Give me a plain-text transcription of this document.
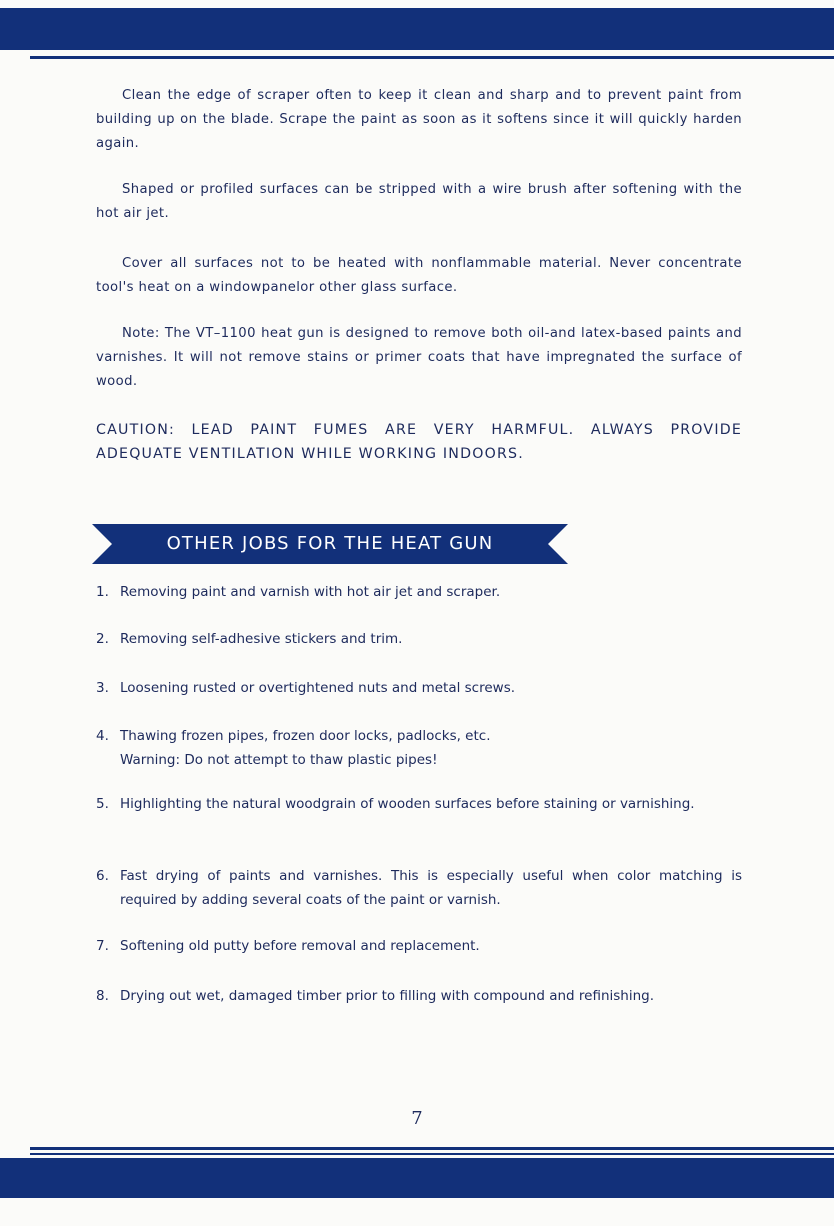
Clean the edge of scraper often to keep it clean and sharp and to prevent paint from building up on the blade. Scrape the paint as soon as it softens since it will quickly harden again.

Shaped or profiled surfaces can be stripped with a wire brush after softening with the hot air jet.

Cover all surfaces not to be heated with nonflammable material. Never concentrate tool's heat on a windowpanelor other glass surface.

Note: The VT–1100 heat gun is designed to remove both oil-and latex-based paints and varnishes. It will not remove stains or primer coats that have impregnated the surface of wood.

CAUTION: LEAD PAINT FUMES ARE VERY HARMFUL. ALWAYS PROVIDE ADEQUATE VENTILATION WHILE WORKING INDOORS.

OTHER JOBS FOR THE HEAT GUN
1. Removing paint and varnish with hot air jet and scraper.
2. Removing self-adhesive stickers and trim.
3. Loosening rusted or overtightened nuts and metal screws.
4. Thawing frozen pipes, frozen door locks, padlocks, etc.
Warning: Do not attempt to thaw plastic pipes!
5. Highlighting the natural woodgrain of wooden surfaces before staining or varnishing.
6. Fast drying of paints and varnishes. This is especially useful when color matching is required by adding several coats of the paint or varnish.
7. Softening old putty before removal and replacement.
8. Drying out wet, damaged timber prior to filling with compound and refinishing.
7
